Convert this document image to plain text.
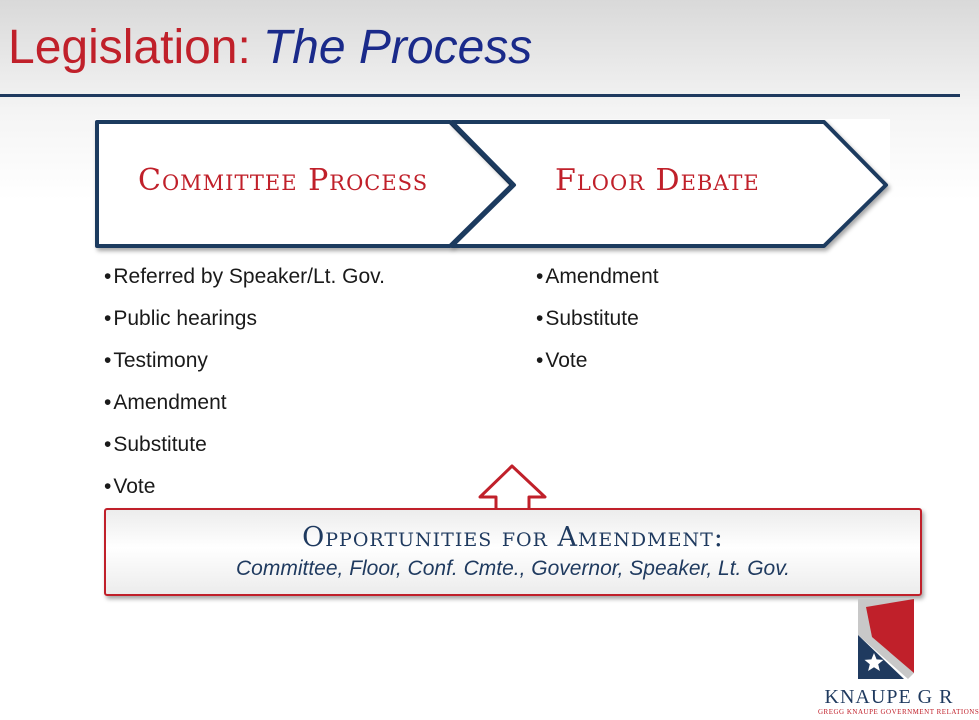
Legislation: The Process
Committee Process	Floor Debate
• Referred by Speaker/Lt. Gov.
• Public hearings
• Testimony
• Amendment
• Substitute
• Vote
• Amendment
• Substitute
• Vote
Opportunities for Amendment:
Committee, Floor, Conf. Cmte., Governor, Speaker, Lt. Gov.
KNAUPE G R
GREGG KNAUPE GOVERNMENT RELATIONS
